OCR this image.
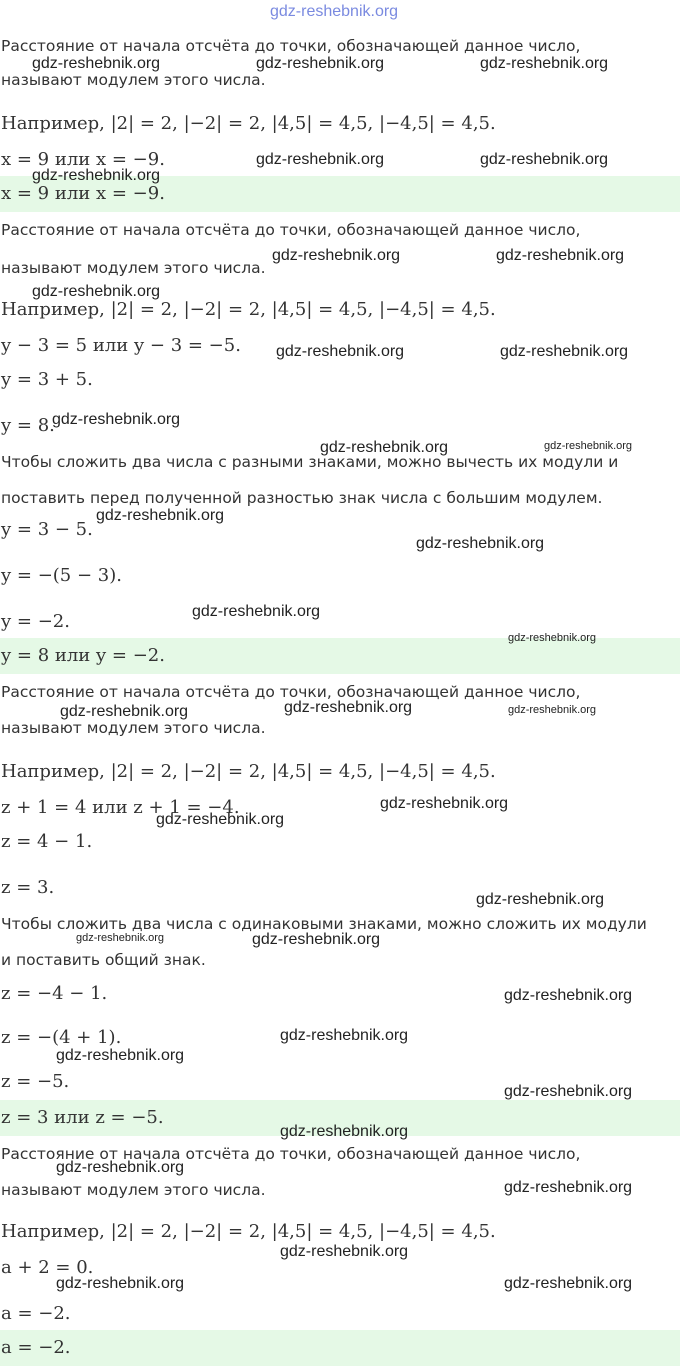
gdz-reshebnik.org
Расстояние от начала отсчёта до точки, обозначающей данное число,
называют модулем этого числа.
Например, |2| = 2, |−2| = 2, |4,5| = 4,5, |−4,5| = 4,5.
x = 9 или x = −9.
x = 9 или x = −9.
Расстояние от начала отсчёта до точки, обозначающей данное число,
называют модулем этого числа.
Например, |2| = 2, |−2| = 2, |4,5| = 4,5, |−4,5| = 4,5.
y − 3 = 5 или y − 3 = −5.
y = 3 + 5.
y = 8.
Чтобы сложить два числа с разными знаками, можно вычесть их модули и
поставить перед полученной разностью знак числа с большим модулем.
y = 3 − 5.
y = −(5 − 3).
y = −2.
y = 8 или y = −2.
Расстояние от начала отсчёта до точки, обозначающей данное число,
называют модулем этого числа.
Например, |2| = 2, |−2| = 2, |4,5| = 4,5, |−4,5| = 4,5.
z + 1 = 4 или z + 1 = −4.
z = 4 − 1.
z = 3.
Чтобы сложить два числа с одинаковыми знаками, можно сложить их модули
и поставить общий знак.
z = −4 − 1.
z = −(4 + 1).
z = −5.
z = 3 или z = −5.
Расстояние от начала отсчёта до точки, обозначающей данное число,
называют модулем этого числа.
Например, |2| = 2, |−2| = 2, |4,5| = 4,5, |−4,5| = 4,5.
a + 2 = 0.
a = −2.
a = −2.
gdz-reshebnik.org	gdz-reshebnik.org	gdz-reshebnik.org
gdz-reshebnik.org	gdz-reshebnik.org
gdz-reshebnik.org
gdz-reshebnik.org	gdz-reshebnik.org
gdz-reshebnik.org
gdz-reshebnik.org	gdz-reshebnik.org
gdz-reshebnik.org
gdz-reshebnik.org	gdz-reshebnik.org
gdz-reshebnik.org
gdz-reshebnik.org
gdz-reshebnik.org
gdz-reshebnik.org
gdz-reshebnik.org	gdz-reshebnik.org	gdz-reshebnik.org
gdz-reshebnik.org
gdz-reshebnik.org
gdz-reshebnik.org
gdz-reshebnik.org	gdz-reshebnik.org
gdz-reshebnik.org
gdz-reshebnik.org
gdz-reshebnik.org
gdz-reshebnik.org
gdz-reshebnik.org
gdz-reshebnik.org
gdz-reshebnik.org
gdz-reshebnik.org
gdz-reshebnik.org	gdz-reshebnik.org
